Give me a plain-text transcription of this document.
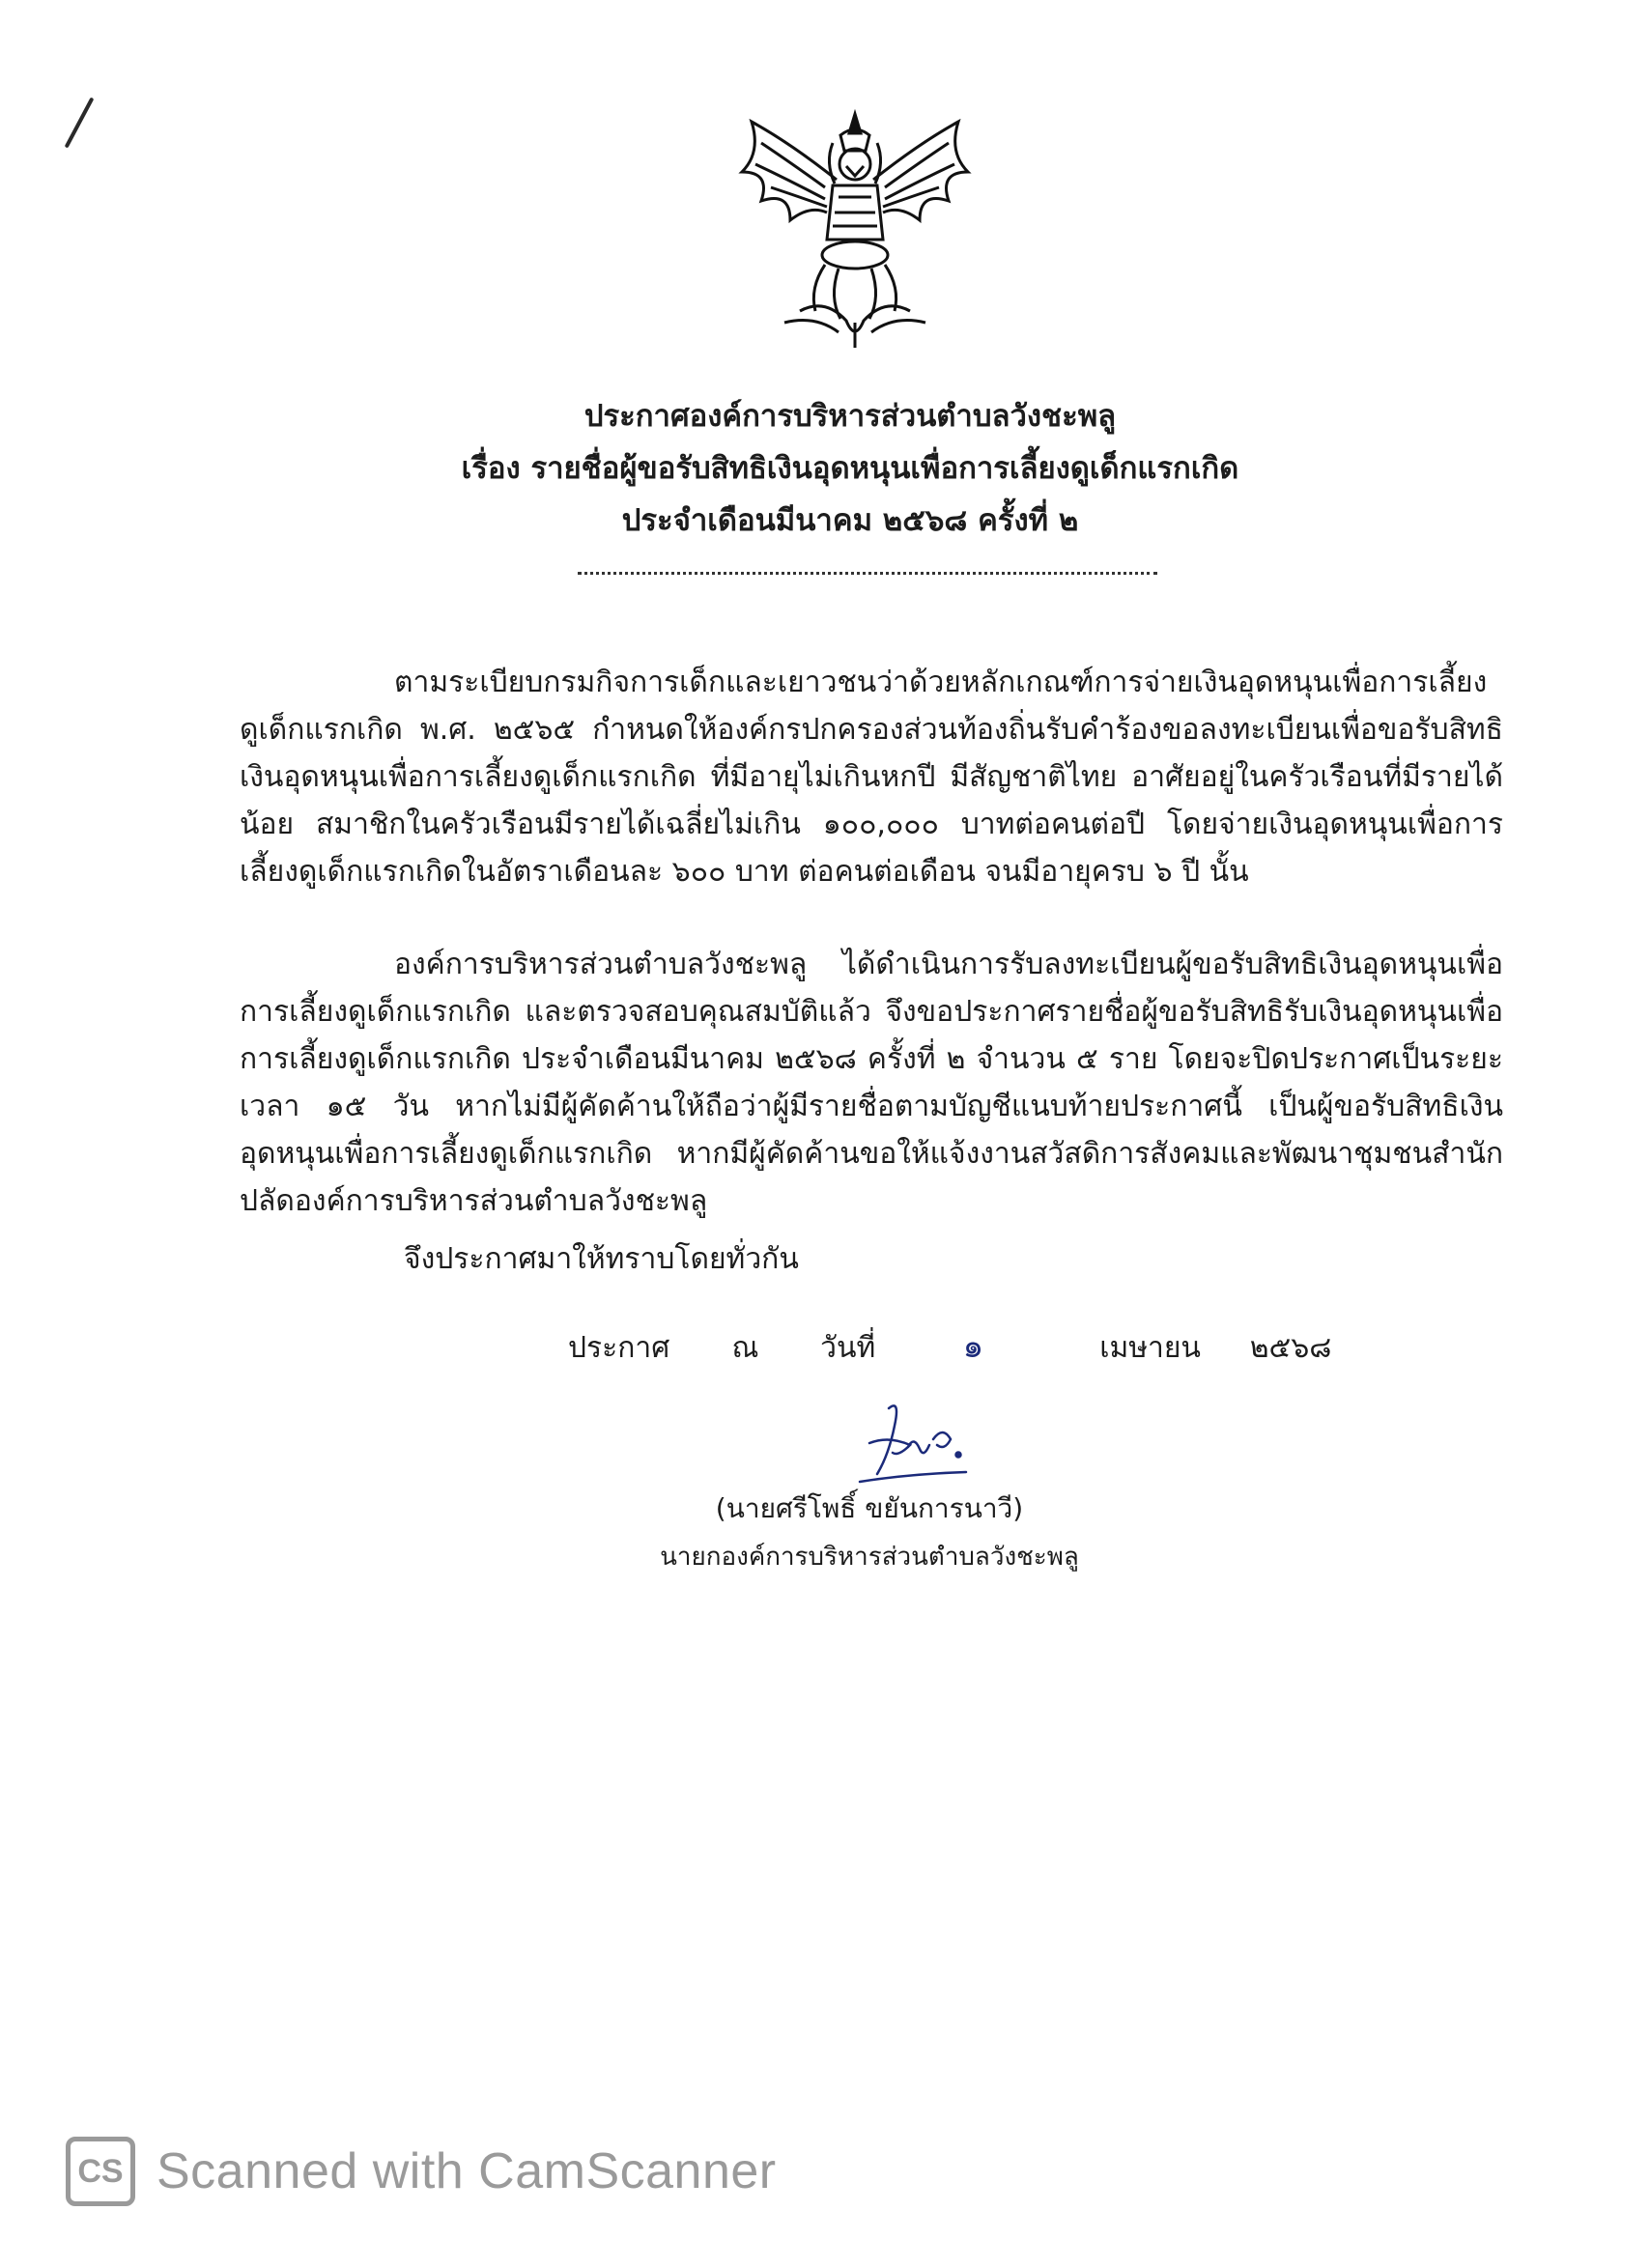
ประกาศองค์การบริหารส่วนตำบลวังชะพลู
เรื่อง รายชื่อผู้ขอรับสิทธิเงินอุดหนุนเพื่อการเลี้ยงดูเด็กแรกเกิด
ประจำเดือนมีนาคม ๒๕๖๘ ครั้งที่ ๒

ตามระเบียบกรมกิจการเด็กและเยาวชนว่าด้วยหลักเกณฑ์การจ่ายเงินอุดหนุนเพื่อการเลี้ยงดูเด็กแรกเกิด พ.ศ. ๒๕๖๕ กำหนดให้องค์กรปกครองส่วนท้องถิ่นรับคำร้องขอลงทะเบียนเพื่อขอรับสิทธิเงินอุดหนุนเพื่อการเลี้ยงดูเด็กแรกเกิด ที่มีอายุไม่เกินหกปี มีสัญชาติไทย อาศัยอยู่ในครัวเรือนที่มีรายได้น้อย สมาชิกในครัวเรือนมีรายได้เฉลี่ยไม่เกิน ๑๐๐,๐๐๐ บาทต่อคนต่อปี โดยจ่ายเงินอุดหนุนเพื่อการเลี้ยงดูเด็กแรกเกิดในอัตราเดือนละ ๖๐๐ บาท ต่อคนต่อเดือน จนมีอายุครบ ๖ ปี นั้น

องค์การบริหารส่วนตำบลวังชะพลู ได้ดำเนินการรับลงทะเบียนผู้ขอรับสิทธิเงินอุดหนุนเพื่อการเลี้ยงดูเด็กแรกเกิด และตรวจสอบคุณสมบัติแล้ว จึงขอประกาศรายชื่อผู้ขอรับสิทธิรับเงินอุดหนุนเพื่อการเลี้ยงดูเด็กแรกเกิด ประจำเดือนมีนาคม ๒๕๖๘ ครั้งที่ ๒ จำนวน ๕ ราย โดยจะปิดประกาศเป็นระยะเวลา ๑๕ วัน หากไม่มีผู้คัดค้านให้ถือว่าผู้มีรายชื่อตามบัญชีแนบท้ายประกาศนี้ เป็นผู้ขอรับสิทธิเงินอุดหนุนเพื่อการเลี้ยงดูเด็กแรกเกิด หากมีผู้คัดค้านขอให้แจ้งงานสวัสดิการสังคมและพัฒนาชุมชนสำนักปลัดองค์การบริหารส่วนตำบลวังชะพลู

จึงประกาศมาให้ทราบโดยทั่วกัน
ประกาศ ณ วันที่	๑	เมษายน ๒๕๖๘
(นายศรีโพธิ์ ขยันการนาวี)
นายกองค์การบริหารส่วนตำบลวังชะพลู
CS Scanned with CamScanner
